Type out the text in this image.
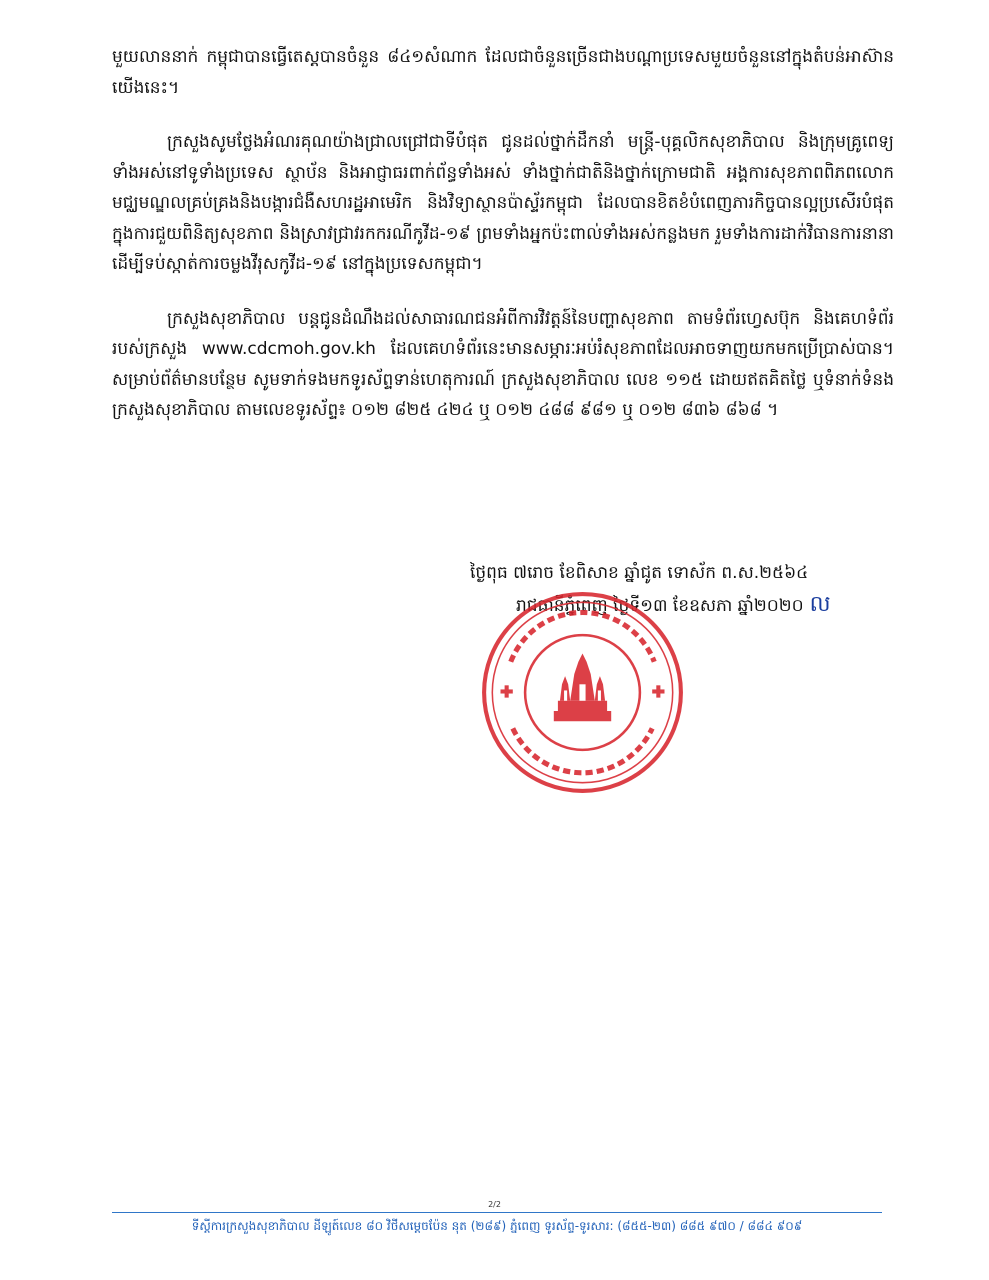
មួយលាននាក់ កម្ពុជាបានធ្វើតេស្តបានចំនួន ៨៤១សំណាក ដែលជាចំនួនច្រើនជាងបណ្តាប្រទេសមួយចំនួននៅក្នុងតំបន់អាស៊ានយើងនេះ។

ក្រសួងសូមថ្លែងអំណរគុណយ៉ាងជ្រាលជ្រៅជាទីបំផុត ជូនដល់ថ្នាក់ដឹកនាំ មន្ត្រី-បុគ្គលិកសុខាភិបាល និងក្រុមគ្រូពេទ្យទាំងអស់នៅទូទាំងប្រទេស ស្ថាប័ន និងអាជ្ញាធរពាក់ព័ន្ធទាំងអស់ ទាំងថ្នាក់ជាតិនិងថ្នាក់ក្រោមជាតិ អង្គការសុខភាពពិភពលោក មជ្ឈមណ្ឌលគ្រប់គ្រងនិងបង្ការជំងឺសហរដ្ឋអាមេរិក និងវិទ្យាស្ថានប៉ាស្ទ័រកម្ពុជា ដែលបានខិតខំបំពេញភារកិច្ចបានល្អប្រសើរបំផុត ក្នុងការជួយពិនិត្យសុខភាព និងស្រាវជ្រាវរកករណីកូវីដ-១៩ ព្រមទាំងអ្នកប៉ះពាល់ទាំងអស់កន្លងមក រួមទាំងការដាក់វិធានការនានា ដើម្បីទប់ស្កាត់ការចម្លងវីរុសកូវីដ-១៩ នៅក្នុងប្រទេសកម្ពុជា។

ក្រសួងសុខាភិបាល បន្តជូនដំណឹងដល់សាធារណជនអំពីការវិវត្តន៍នៃបញ្ហាសុខភាព តាមទំព័រហ្វេសប៊ុក និងគេហទំព័ររបស់ក្រសួង www.cdcmoh.gov.kh ដែលគេហទំព័រនេះមានសម្ភារៈអប់រំសុខភាពដែលអាចទាញយកមកប្រើប្រាស់បាន។ សម្រាប់ព័ត៌មានបន្ថែម សូមទាក់ទងមកទូរស័ព្ទទាន់ហេតុការណ៍ ក្រសួងសុខាភិបាល លេខ ១១៥ ដោយឥតគិតថ្លៃ ឬទំនាក់ទំនងក្រសួងសុខាភិបាល តាមលេខទូរស័ព្ទ៖ ០១២ ៨២៥ ៤២៤ ឬ ០១២ ៤៨៨ ៩៨១ ឬ ០១២ ៨៣៦ ៨៦៨ ។

ថ្ងៃពុធ ៧រោច ខែពិសាខ ឆ្នាំជូត ទោស័ក ព.ស.២៥៦៤
រាជធានីភ្នំពេញ ថ្ងៃទី១៣ ខែឧសភា ឆ្នាំ២០២០ ល
2/2
ទីស្តីការក្រសួងសុខាភិបាល ដីឡូត៍លេខ ៨០ វិថីសម្តេចប៉ែន នុត (២៨៩) ភ្នំពេញ ទូរស័ព្ទ-ទូរសារ: (៨៥៥-២៣) ៨៨៥ ៩៧០ / ៨៨៤ ៩០៩
